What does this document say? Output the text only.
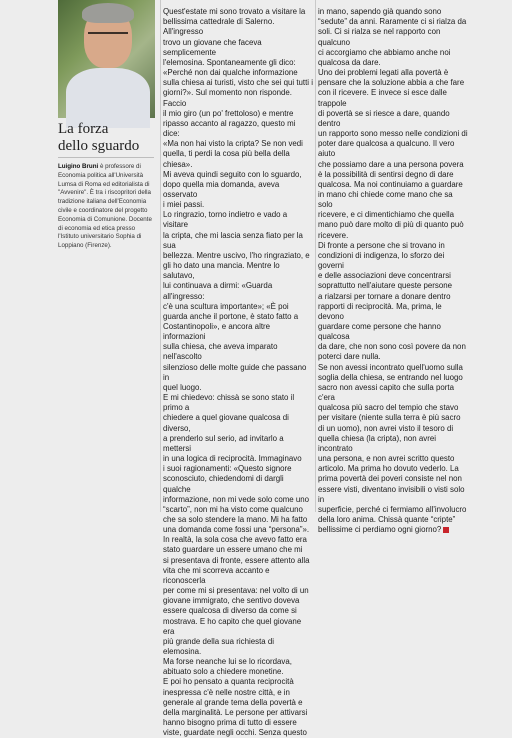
La forza
dello sguardo

Luigino Bruni è professore di Economia politica all'Università Lumsa di Roma ed editorialista di "Avvenire". È tra i riscopritori della tradizione italiana dell'Economia civile e coordinatore del progetto Economia di Comunione. Docente di economia ed etica presso l'Istituto universitario Sophia di Loppiano (Firenze).

Quest'estate mi sono trovato a visitare la
bellissima cattedrale di Salerno. All'ingresso
trovo un giovane che faceva semplicemente
l'elemosina. Spontaneamente gli dico:
«Perché non dai qualche informazione
sulla chiesa ai turisti, visto che sei qui tutti i
giorni?». Sul momento non risponde. Faccio
il mio giro (un po' frettoloso) e mentre
ripasso accanto al ragazzo, questo mi dice:
«Ma non hai visto la cripta? Se non vedi
quella, ti perdi la cosa più bella della chiesa».
Mi aveva quindi seguito con lo sguardo,
dopo quella mia domanda, aveva osservato
i miei passi.
Lo ringrazio, torno indietro e vado a visitare
la cripta, che mi lascia senza fiato per la sua
bellezza. Mentre uscivo, l'ho ringraziato, e
gli ho dato una mancia. Mentre lo salutavo,
lui continuava a dirmi: «Guarda all'ingresso:
c'è una scultura importante»; «È poi
guarda anche il portone, è stato fatto a
Costantinopoli», e ancora altre informazioni
sulla chiesa, che aveva imparato nell'ascolto
silenzioso delle molte guide che passano in
quel luogo.
E mi chiedevo: chissà se sono stato il primo a
chiedere a quel giovane qualcosa di diverso,
a prenderlo sul serio, ad invitarlo a mettersi
in una logica di reciprocità. Immaginavo
i suoi ragionamenti: «Questo signore
sconosciuto, chiedendomi di dargli qualche
informazione, non mi vede solo come uno
“scarto”, non mi ha visto come qualcuno
che sa solo stendere la mano. Mi ha fatto
una domanda come fossi una “persona”».
In realtà, la sola cosa che avevo fatto era
stato guardare un essere umano che mi
si presentava di fronte, essere attento alla
vita che mi scorreva accanto e riconoscerla
per come mi si presentava: nel volto di un
giovane immigrato, che sentivo doveva
essere qualcosa di diverso da come si
mostrava. E ho capito che quel giovane era
più grande della sua richiesta di elemosina.
Ma forse neanche lui se lo ricordava,
abituato solo a chiedere monetine.
E poi ho pensato a quanta reciprocità
inespressa c'è nelle nostre città, e in
generale al grande tema della povertà e
della marginalità. Le persone per attivarsi
hanno bisogno prima di tutto di essere
viste, guardate negli occhi. Senza questo

in mano, sapendo già quando sono
“sedute” da anni. Raramente ci si rialza da
soli. Ci si rialza se nel rapporto con qualcuno
ci accorgiamo che abbiamo anche noi
qualcosa da dare.
Uno dei problemi legati alla povertà è
pensare che la soluzione abbia a che fare
con il ricevere. E invece si esce dalle trappole
di povertà se si riesce a dare, quando dentro
un rapporto sono messo nelle condizioni di
poter dare qualcosa a qualcuno. Il vero aiuto
che possiamo dare a una persona povera
è la possibilità di sentirsi degno di dare
qualcosa. Ma noi continuiamo a guardare
in mano chi chiede come mano che sa solo
ricevere, e ci dimentichiamo che quella
mano può dare molto di più di quanto può
ricevere.
Di fronte a persone che si trovano in
condizioni di indigenza, lo sforzo dei governi
e delle associazioni deve concentrarsi
soprattutto nell'aiutare queste persone
a rialzarsi per tornare a donare dentro
rapporti di reciprocità. Ma, prima, le devono
guardare come persone che hanno qualcosa
da dare, che non sono così povere da non
poterci dare nulla.
Se non avessi incontrato quell'uomo sulla
soglia della chiesa, se entrando nel luogo
sacro non avessi capito che sulla porta c'era
qualcosa più sacro del tempio che stavo
per visitare (niente sulla terra è più sacro
di un uomo), non avrei visto il tesoro di
quella chiesa (la cripta), non avrei incontrato
una persona, e non avrei scritto questo
articolo. Ma prima ho dovuto vederlo. La
prima povertà dei poveri consiste nel non
essere visti, diventano invisibili o visti solo in
superficie, perché ci fermiamo all'involucro
della loro anima. Chissà quante “cripte”
bellissime ci perdiamo ogni giorno?
